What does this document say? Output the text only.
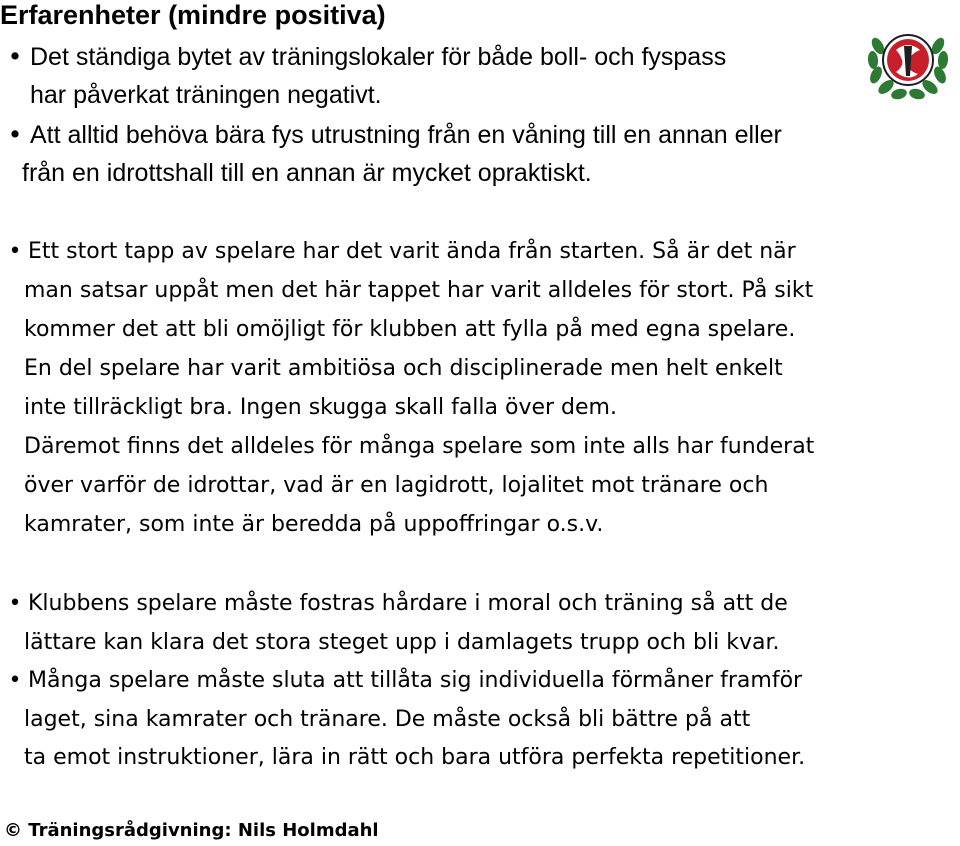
Erfarenheter (mindre positiva)
• Det ständiga bytet av träningslokaler för både boll- och fyspass
har påverkat träningen negativt.
• Att alltid behöva bära fys utrustning från en våning till en annan eller
från en idrottshall till en annan är mycket opraktiskt.
• Ett stort tapp av spelare har det varit ända från starten. Så är det när
man satsar uppåt men det här tappet har varit alldeles för stort. På sikt
kommer det att bli omöjligt för klubben att fylla på med egna spelare.
En del spelare har varit ambitiösa och disciplinerade men helt enkelt
inte tillräckligt bra. Ingen skugga skall falla över dem.
Däremot finns det alldeles för många spelare som inte alls har funderat
över varför de idrottar, vad är en lagidrott, lojalitet mot tränare och
kamrater, som inte är beredda på uppoffringar o.s.v.
• Klubbens spelare måste fostras hårdare i moral och träning så att de
lättare kan klara det stora steget upp i damlagets trupp och bli kvar.
• Många spelare måste sluta att tillåta sig individuella förmåner framför
laget, sina kamrater och tränare. De måste också bli bättre på att
ta emot instruktioner, lära in rätt och bara utföra perfekta repetitioner.
© Träningsrådgivning: Nils Holmdahl
